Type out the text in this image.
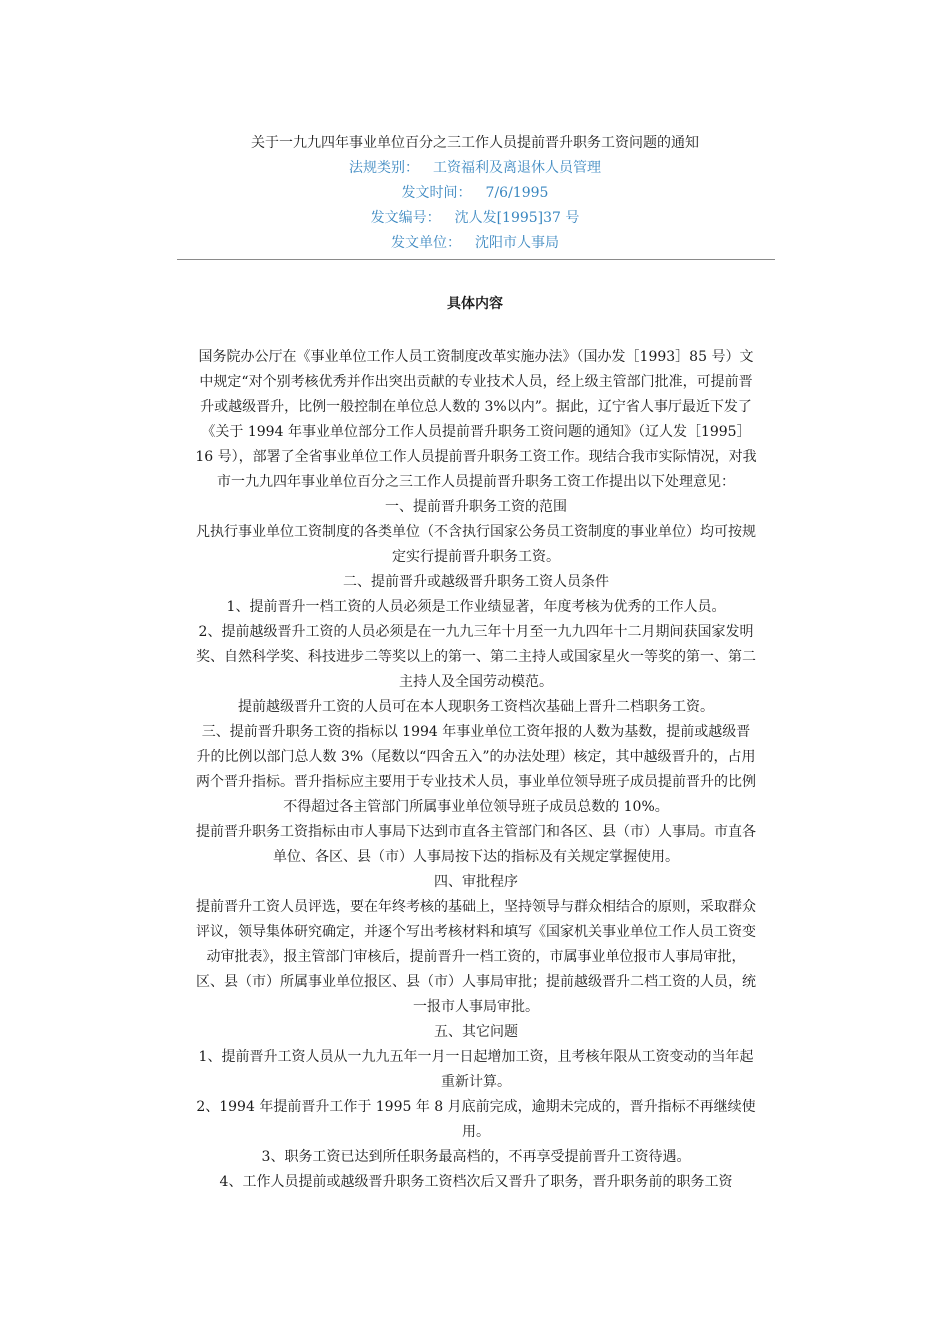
关于一九九四年事业单位百分之三工作人员提前晋升职务工资问题的通知
法规类别： 工资福利及离退休人员管理
发文时间： 7/6/1995
发文编号： 沈人发[1995]37 号
发文单位： 沈阳市人事局
具体内容

国务院办公厅在《事业单位工作人员工资制度改革实施办法》（国办发［1993］85 号）文中规定“对个别考核优秀并作出突出贡献的专业技术人员，经上级主管部门批准，可提前晋升或越级晋升，比例一般控制在单位总人数的 3%以内”。据此，辽宁省人事厅最近下发了《关于 1994 年事业单位部分工作人员提前晋升职务工资问题的通知》（辽人发［1995］16 号），部署了全省事业单位工作人员提前晋升职务工资工作。现结合我市实际情况，对我市一九九四年事业单位百分之三工作人员提前晋升职务工资工作提出以下处理意见：

一、提前晋升职务工资的范围

凡执行事业单位工资制度的各类单位（不含执行国家公务员工资制度的事业单位）均可按规定实行提前晋升职务工资。

二、提前晋升或越级晋升职务工资人员条件

1、提前晋升一档工资的人员必须是工作业绩显著，年度考核为优秀的工作人员。

2、提前越级晋升工资的人员必须是在一九九三年十月至一九九四年十二月期间获国家发明奖、自然科学奖、科技进步二等奖以上的第一、第二主持人或国家星火一等奖的第一、第二主持人及全国劳动模范。

提前越级晋升工资的人员可在本人现职务工资档次基础上晋升二档职务工资。

三、提前晋升职务工资的指标以 1994 年事业单位工资年报的人数为基数，提前或越级晋升的比例以部门总人数 3%（尾数以“四舍五入”的办法处理）核定，其中越级晋升的，占用两个晋升指标。晋升指标应主要用于专业技术人员，事业单位领导班子成员提前晋升的比例不得超过各主管部门所属事业单位领导班子成员总数的 10%。

提前晋升职务工资指标由市人事局下达到市直各主管部门和各区、县（市）人事局。市直各单位、各区、县（市）人事局按下达的指标及有关规定掌握使用。

四、审批程序

提前晋升工资人员评选，要在年终考核的基础上，坚持领导与群众相结合的原则，采取群众评议，领导集体研究确定，并逐个写出考核材料和填写《国家机关事业单位工作人员工资变动审批表》，报主管部门审核后，提前晋升一档工资的，市属事业单位报市人事局审批，区、县（市）所属事业单位报区、县（市）人事局审批；提前越级晋升二档工资的人员，统一报市人事局审批。

五、其它问题

1、提前晋升工资人员从一九九五年一月一日起增加工资，且考核年限从工资变动的当年起重新计算。

2、1994 年提前晋升工作于 1995 年 8 月底前完成，逾期未完成的，晋升指标不再继续使用。

3、职务工资已达到所任职务最高档的，不再享受提前晋升工资待遇。

4、工作人员提前或越级晋升职务工资档次后又晋升了职务，晋升职务前的职务工资
